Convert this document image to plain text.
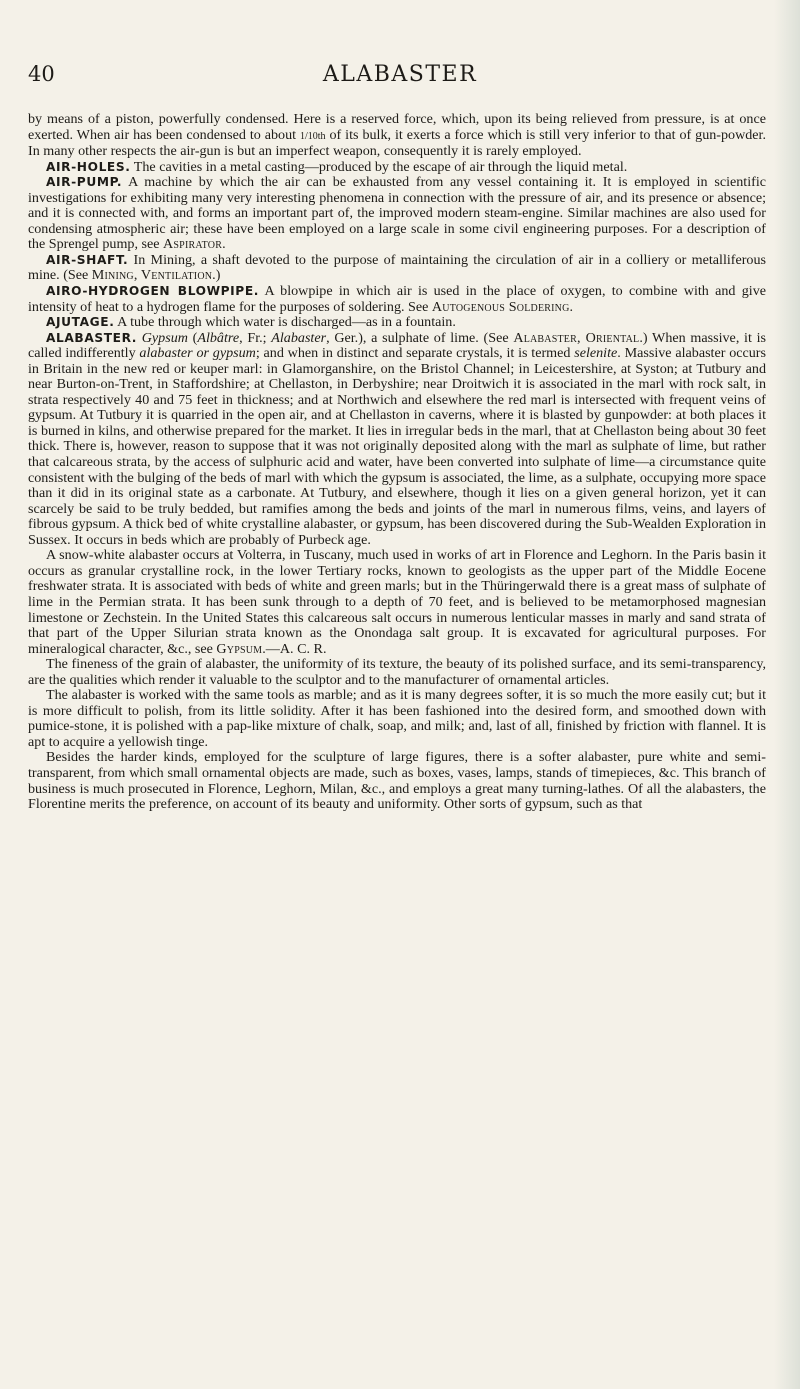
40	ALABASTER

by means of a piston, powerfully condensed. Here is a reserved force, which, upon its being relieved from pressure, is at once exerted. When air has been condensed to about 1/10th of its bulk, it exerts a force which is still very inferior to that of gun-powder. In many other respects the air-gun is but an imperfect weapon, consequently it is rarely employed.

AIR-HOLES. The cavities in a metal casting—produced by the escape of air through the liquid metal.

AIR-PUMP. A machine by which the air can be exhausted from any vessel containing it. It is employed in scientific investigations for exhibiting many very interesting phenomena in connection with the pressure of air, and its presence or absence; and it is connected with, and forms an important part of, the improved modern steam-engine. Similar machines are also used for condensing atmospheric air; these have been employed on a large scale in some civil engineering purposes. For a description of the Sprengel pump, see Aspirator.

AIR-SHAFT. In Mining, a shaft devoted to the purpose of maintaining the circulation of air in a colliery or metalliferous mine. (See Mining, Ventilation.)

AIRO-HYDROGEN BLOWPIPE. A blowpipe in which air is used in the place of oxygen, to combine with and give intensity of heat to a hydrogen flame for the purposes of soldering. See Autogenous Soldering.

AJUTAGE. A tube through which water is discharged—as in a fountain.

ALABASTER. Gypsum (Albâtre, Fr.; Alabaster, Ger.), a sulphate of lime. (See Alabaster, Oriental.) When massive, it is called indifferently alabaster or gypsum; and when in distinct and separate crystals, it is termed selenite. Massive alabaster occurs in Britain in the new red or keuper marl: in Glamorganshire, on the Bristol Channel; in Leicestershire, at Syston; at Tutbury and near Burton-on-Trent, in Staffordshire; at Chellaston, in Derbyshire; near Droitwich it is associated in the marl with rock salt, in strata respectively 40 and 75 feet in thickness; and at Northwich and elsewhere the red marl is intersected with frequent veins of gypsum. At Tutbury it is quarried in the open air, and at Chellaston in caverns, where it is blasted by gunpowder: at both places it is burned in kilns, and otherwise prepared for the market. It lies in irregular beds in the marl, that at Chellaston being about 30 feet thick. There is, however, reason to suppose that it was not originally deposited along with the marl as sulphate of lime, but rather that calcareous strata, by the access of sulphuric acid and water, have been converted into sulphate of lime—a circumstance quite consistent with the bulging of the beds of marl with which the gypsum is associated, the lime, as a sulphate, occupying more space than it did in its original state as a carbonate. At Tutbury, and elsewhere, though it lies on a given general horizon, yet it can scarcely be said to be truly bedded, but ramifies among the beds and joints of the marl in numerous films, veins, and layers of fibrous gypsum. A thick bed of white crystalline alabaster, or gypsum, has been discovered during the Sub-Wealden Exploration in Sussex. It occurs in beds which are probably of Purbeck age.

A snow-white alabaster occurs at Volterra, in Tuscany, much used in works of art in Florence and Leghorn. In the Paris basin it occurs as granular crystalline rock, in the lower Tertiary rocks, known to geologists as the upper part of the Middle Eocene freshwater strata. It is associated with beds of white and green marls; but in the Thüringerwald there is a great mass of sulphate of lime in the Permian strata. It has been sunk through to a depth of 70 feet, and is believed to be metamorphosed magnesian limestone or Zechstein. In the United States this calcareous salt occurs in numerous lenticular masses in marly and sand strata of that part of the Upper Silurian strata known as the Onondaga salt group. It is excavated for agricultural purposes. For mineralogical character, &c., see Gypsum.—A. C. R.

The fineness of the grain of alabaster, the uniformity of its texture, the beauty of its polished surface, and its semi-transparency, are the qualities which render it valuable to the sculptor and to the manufacturer of ornamental articles.

The alabaster is worked with the same tools as marble; and as it is many degrees softer, it is so much the more easily cut; but it is more difficult to polish, from its little solidity. After it has been fashioned into the desired form, and smoothed down with pumice-stone, it is polished with a pap-like mixture of chalk, soap, and milk; and, last of all, finished by friction with flannel. It is apt to acquire a yellowish tinge.

Besides the harder kinds, employed for the sculpture of large figures, there is a softer alabaster, pure white and semi-transparent, from which small ornamental objects are made, such as boxes, vases, lamps, stands of timepieces, &c. This branch of business is much prosecuted in Florence, Leghorn, Milan, &c., and employs a great many turning-lathes. Of all the alabasters, the Florentine merits the preference, on account of its beauty and uniformity. Other sorts of gypsum, such as that
